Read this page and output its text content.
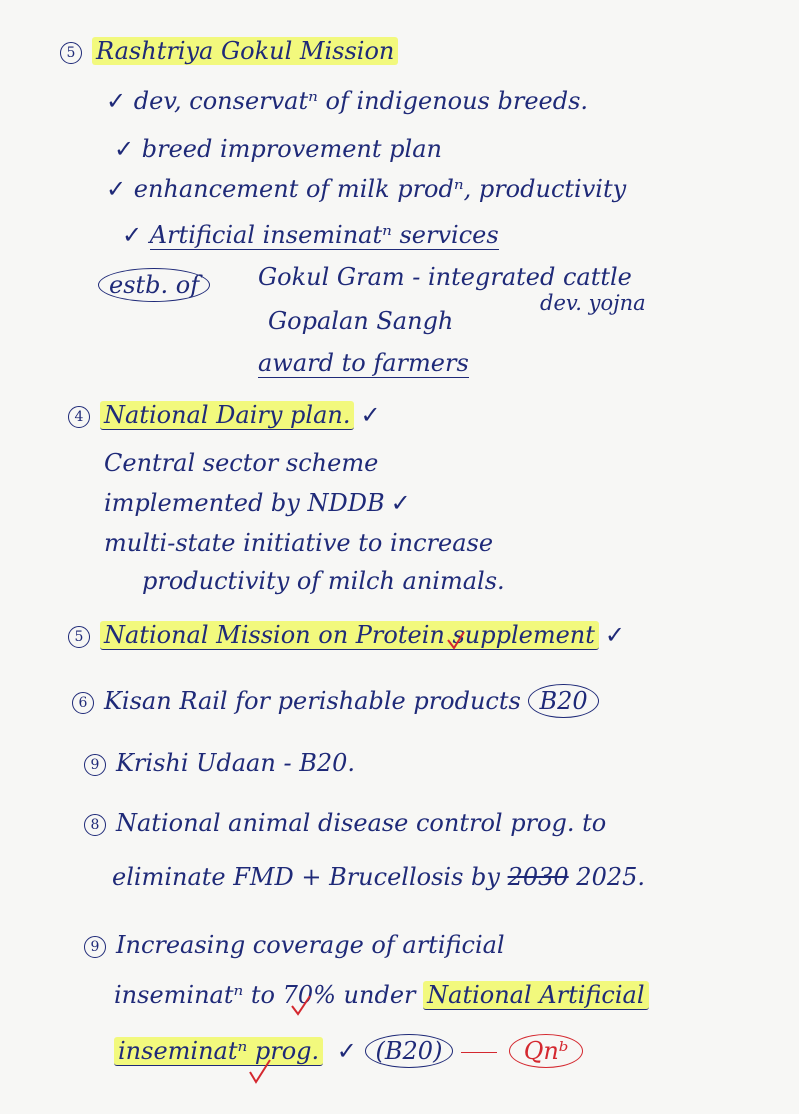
5 Rashtriya Gokul Mission
✓ dev, conservatⁿ of indigenous breeds.
✓ breed improvement plan
✓ enhancement of milk prodⁿ, productivity
✓ Artificial inseminatⁿ services
estb. of	Gokul Gram - integrated cattle
dev. yojna
Gopalan Sangh
award to farmers
4 National Dairy plan. ✓
Central sector scheme
implemented by NDDB ✓
multi-state initiative to increase
productivity of milch animals.
5 National Mission on Protein supplement ✓
6 Kisan Rail for perishable products B20
9 Krishi Udaan - B20.
8 National animal disease control prog. to
eliminate FMD + Brucellosis by 2030 2025.
9 Increasing coverage of artificial
inseminatⁿ to 70% under National Artificial
inseminatⁿ prog. ✓ (B20)	Qnᵇ
